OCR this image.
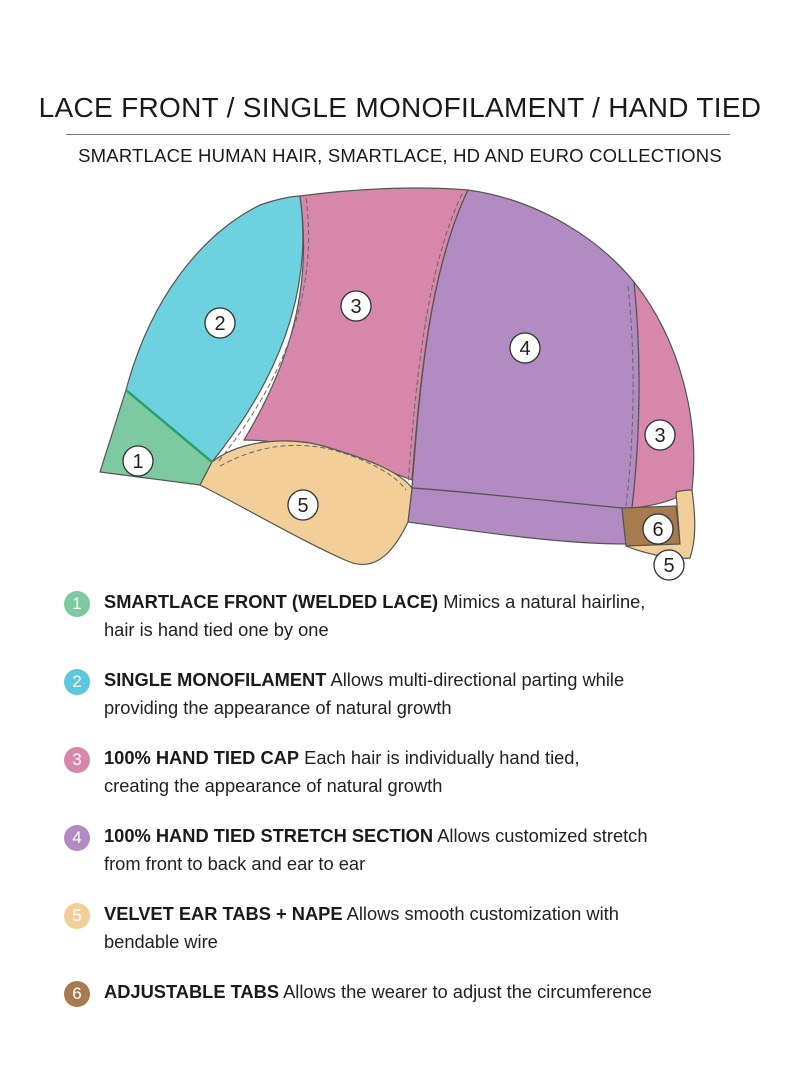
LACE FRONT / SINGLE MONOFILAMENT / HAND TIED
SMARTLACE HUMAN HAIR, SMARTLACE, HD AND EURO COLLECTIONS
1
2
3
4
3
5
6
5
1	SMARTLACE FRONT (WELDED LACE) Mimics a natural hairline,
hair is hand tied one by one
2	SINGLE MONOFILAMENT Allows multi-directional parting while
providing the appearance of natural growth
3	100% HAND TIED CAP Each hair is individually hand tied,
creating the appearance of natural growth
4	100% HAND TIED STRETCH SECTION Allows customized stretch
from front to back and ear to ear
5	VELVET EAR TABS + NAPE Allows smooth customization with
bendable wire
6	ADJUSTABLE TABS Allows the wearer to adjust the circumference
